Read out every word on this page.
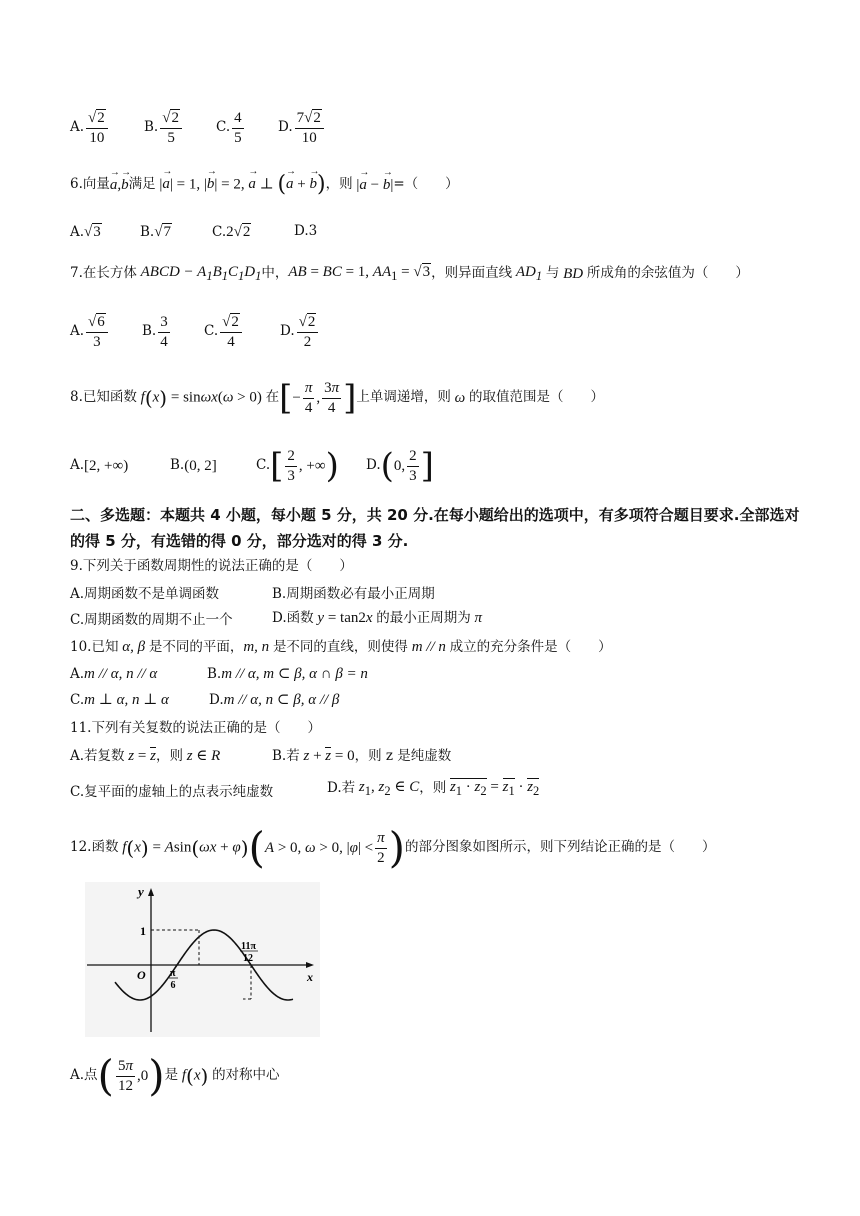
A. $\frac{√2}{10}$	B. $\frac{√2}{5}$	C. $\frac{4}{5}$	D. $\frac{7√2}{10}$
6.向量
→ a,→ b 满足 |→ a| = 1, |→ b| = 2, → a ⊥ (→ a + → b) ，则 |→ a − → b| =（　　）
A.√3	B.√7	C.2√2	D.3
7.在长方体 ABCD − $A_1B_1C_1D_1$ 中， AB = BC = 1, $AA_1 = √3$ ，则异面直线 $AD_1$ 与 BD 所成角的余弦值为（　　）
A. $\frac{√6}{3}$	B. $\frac{3}{4}$	C. $\frac{√2}{4}$	D. $\frac{√2}{2}$
8.已知函数 f(x) = sinωx(ω > 0) 在 [ − $\frac{\pi}{4}$ , $\frac{3\pi}{4}$ ] 上单调递增，则 ω 的取值范围是（　　）
A. [2, +∞)	B. (0, 2]	C. [ $\frac{2}{3}$ , +∞ ) D. ( 0, $\frac{2}{3}$ ]
二、多选题：本题共 4 小题，每小题 5 分，共 20 分.在每小题给出的选项中，有多项符合题目要求.全部选对的得 5 分，有选错的得 0 分，部分选对的得 3 分.
9.下列关于函数周期性的说法正确的是（　　）
A.周期函数不是单调函数	B.周期函数必有最小正周期
C.周期函数的周期不止一个	D.函数 y = tan2x 的最小正周期为 π
10.已知 α, β 是不同的平面， m, n 是不同的直线，则使得 m // n 成立的充分条件是（　　）
A.m // α, n // α	B.m // α, m ⊂ β, α ∩ β = n
C.m ⊥ α, n ⊥ α	D.m // α, n ⊂ β, α // β
11.下列有关复数的说法正确的是（　　）
A.若复数 z = z ，则 z ∈ R	B.若 z + z = 0 ，则 z 是纯虚数
C.复平面的虚轴上的点表示纯虚数	D.若 $z_1$, $z_2$ ∈ C ，则 $z_1 \cdot z_2 = z_1 \cdot z_2$
12.函数 f(x) = Asin(ωx + φ) ( A > 0, ω > 0, $|\varphi| < \frac{\pi}{2}$ ) 的部分图象如图所示，则下列结论正确的是（　　）
y
x
O
1
π
6
11π
12
A.点 ( $\frac{5\pi}{12} ,0$ ) 是 f(x) 的对称中心
